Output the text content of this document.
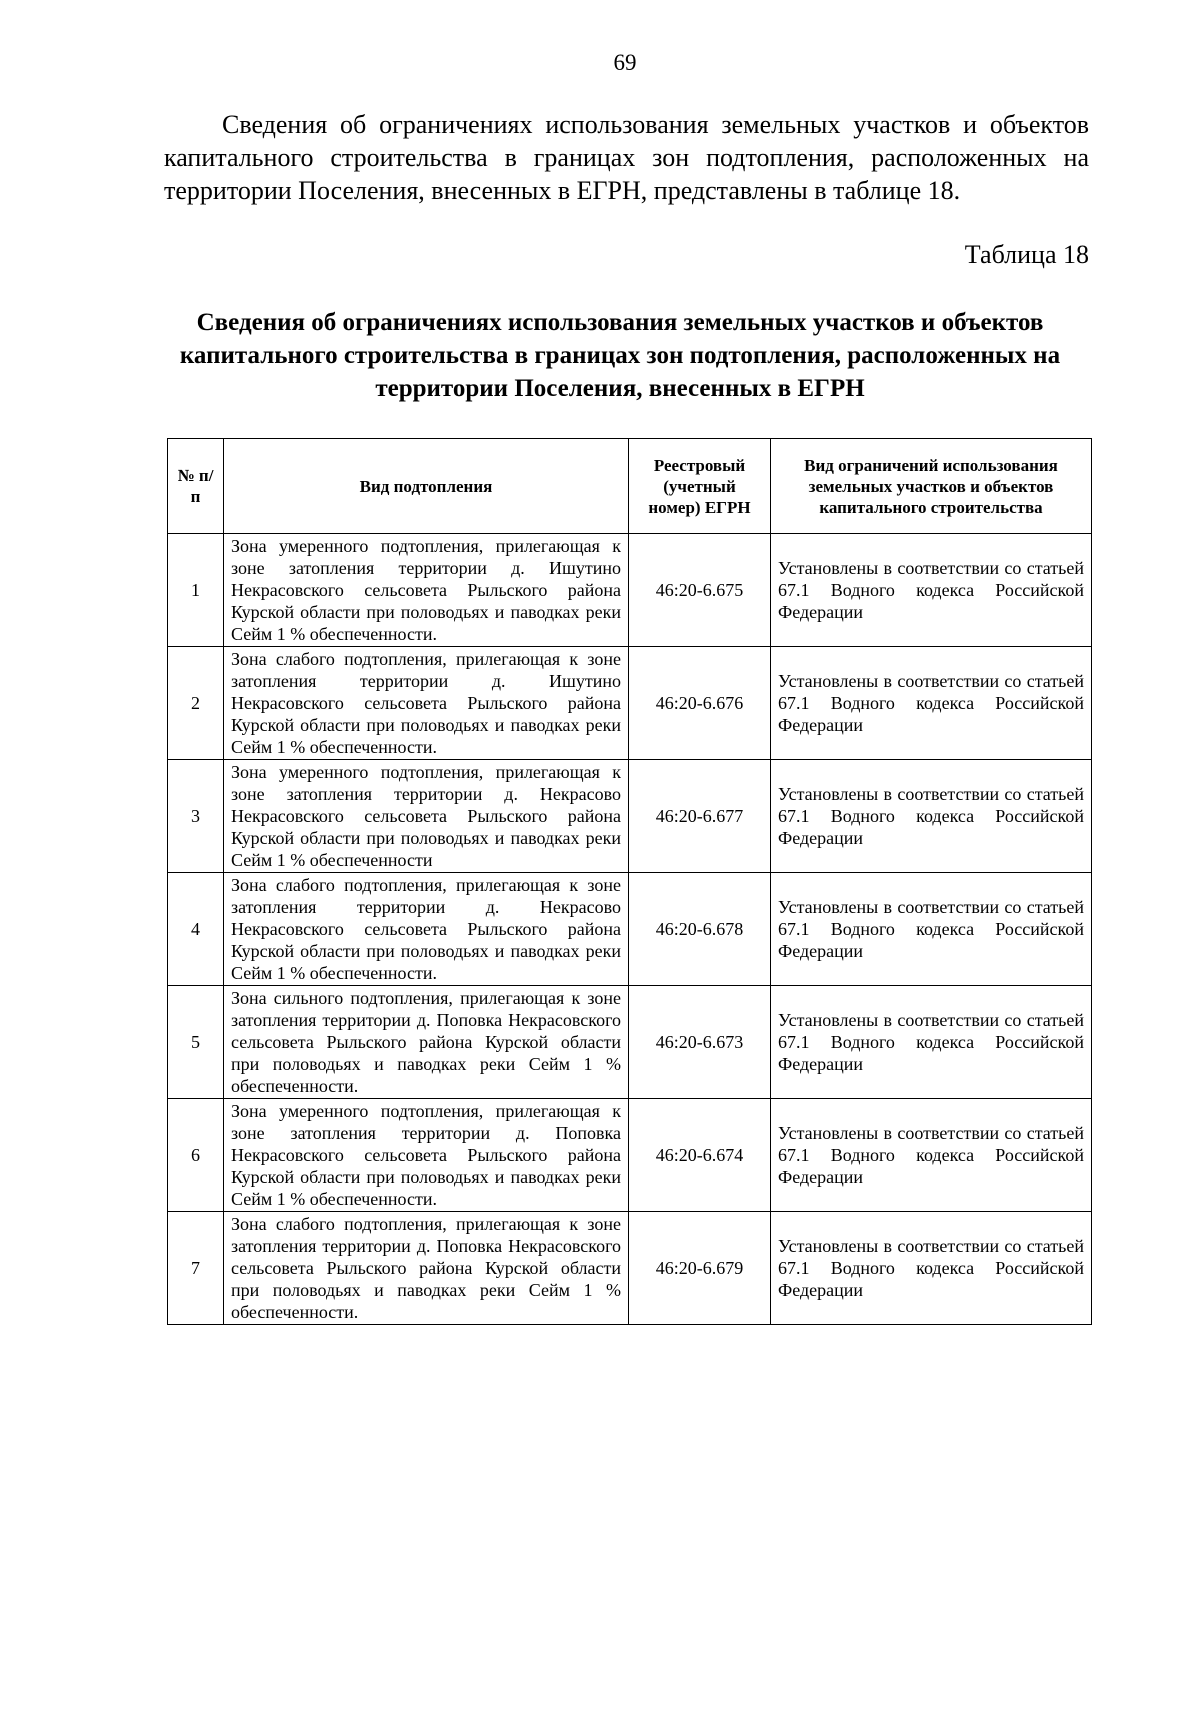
69

Сведения об ограничениях использования земельных участков и объектов капитального строительства в границах зон подтопления, расположенных на территории Поселения, внесенных в ЕГРН, представлены в таблице 18.

Таблица 18
Сведения об ограничениях использования земельных участков и объектов капитального строительства в границах зон подтопления, расположенных на территории Поселения, внесенных в ЕГРН
№ п/п	Вид подтопления	Реестровый (учетный номер) ЕГРН	Вид ограничений использования земельных участков и объектов капитального строительства
1	Зона умеренного подтопления, прилегающая к зоне затопления территории д. Ишутино Некрасовского сельсовета Рыльского района Курской области при половодьях и паводках реки Сейм 1 % обеспеченности.	46:20-6.675	Установлены в соответствии со статьей 67.1 Водного кодекса Российской Федерации
2	Зона слабого подтопления, прилегающая к зоне затопления территории д. Ишутино Некрасовского сельсовета Рыльского района Курской области при половодьях и паводках реки Сейм 1 % обеспеченности.	46:20-6.676	Установлены в соответствии со статьей 67.1 Водного кодекса Российской Федерации
3	Зона умеренного подтопления, прилегающая к зоне затопления территории д. Некрасово Некрасовского сельсовета Рыльского района Курской области при половодьях и паводках реки Сейм 1 % обеспеченности	46:20-6.677	Установлены в соответствии со статьей 67.1 Водного кодекса Российской Федерации
4	Зона слабого подтопления, прилегающая к зоне затопления территории д. Некрасово Некрасовского сельсовета Рыльского района Курской области при половодьях и паводках реки Сейм 1 % обеспеченности.	46:20-6.678	Установлены в соответствии со статьей 67.1 Водного кодекса Российской Федерации
5	Зона сильного подтопления, прилегающая к зоне затопления территории д. Поповка Некрасовского сельсовета Рыльского района Курской области при половодьях и паводках реки Сейм 1 % обеспеченности.	46:20-6.673	Установлены в соответствии со статьей 67.1 Водного кодекса Российской Федерации
6	Зона умеренного подтопления, прилегающая к зоне затопления территории д. Поповка Некрасовского сельсовета Рыльского района Курской области при половодьях и паводках реки Сейм 1 % обеспеченности.	46:20-6.674	Установлены в соответствии со статьей 67.1 Водного кодекса Российской Федерации
7	Зона слабого подтопления, прилегающая к зоне затопления территории д. Поповка Некрасовского сельсовета Рыльского района Курской области при половодьях и паводках реки Сейм 1 % обеспеченности.	46:20-6.679	Установлены в соответствии со статьей 67.1 Водного кодекса Российской Федерации
